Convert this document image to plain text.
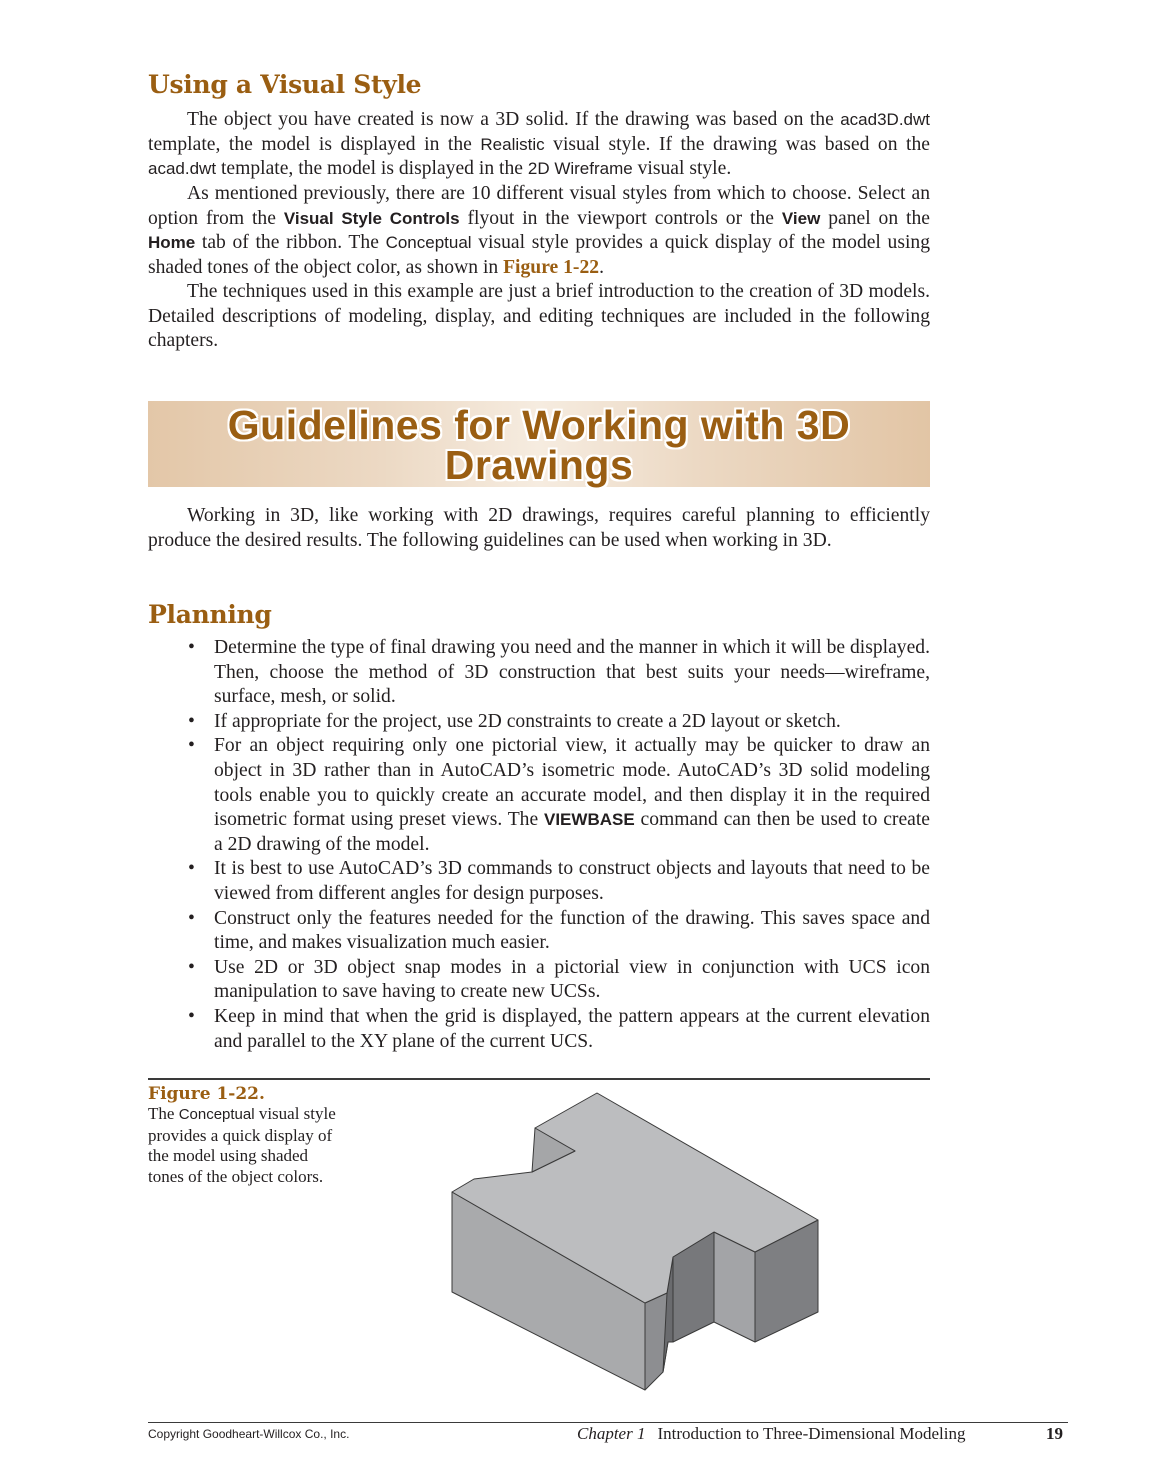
Using a Visual Style

The object you have created is now a 3D solid. If the drawing was based on the acad3D.dwt template, the model is displayed in the Realistic visual style. If the drawing was based on the acad.dwt template, the model is displayed in the 2D Wireframe visual style.

As mentioned previously, there are 10 different visual styles from which to choose. Select an option from the Visual Style Controls flyout in the viewport controls or the View panel on the Home tab of the ribbon. The Conceptual visual style provides a quick display of the model using shaded tones of the object color, as shown in Figure 1-22.

The techniques used in this example are just a brief introduction to the creation of 3D models. Detailed descriptions of modeling, display, and editing techniques are included in the following chapters.

Guidelines for Working with 3D
Drawings

Working in 3D, like working with 2D drawings, requires careful planning to efficiently produce the desired results. The following guidelines can be used when working in 3D.

Planning
• Determine the type of final drawing you need and the manner in which it will be displayed. Then, choose the method of 3D construction that best suits your needs—wireframe, surface, mesh, or solid.
• If appropriate for the project, use 2D constraints to create a 2D layout or sketch.
• For an object requiring only one pictorial view, it actually may be quicker to draw an object in 3D rather than in AutoCAD’s isometric mode. AutoCAD’s 3D solid modeling tools enable you to quickly create an accurate model, and then display it in the required isometric format using preset views. The VIEWBASE command can then be used to create a 2D drawing of the model.
• It is best to use AutoCAD’s 3D commands to construct objects and layouts that need to be viewed from different angles for design purposes.
• Construct only the features needed for the function of the drawing. This saves space and time, and makes visualization much easier.
• Use 2D or 3D object snap modes in a pictorial view in conjunction with UCS icon manipulation to save having to create new UCSs.
• Keep in mind that when the grid is displayed, the pattern appears at the current elevation and parallel to the XY plane of the current UCS.
Figure 1-22.
The Conceptual visual style provides a quick display of the model using shaded tones of the object colors.
Copyright Goodheart-Willcox Co., Inc.	Chapter 1 Introduction to Three-Dimensional Modeling	19
